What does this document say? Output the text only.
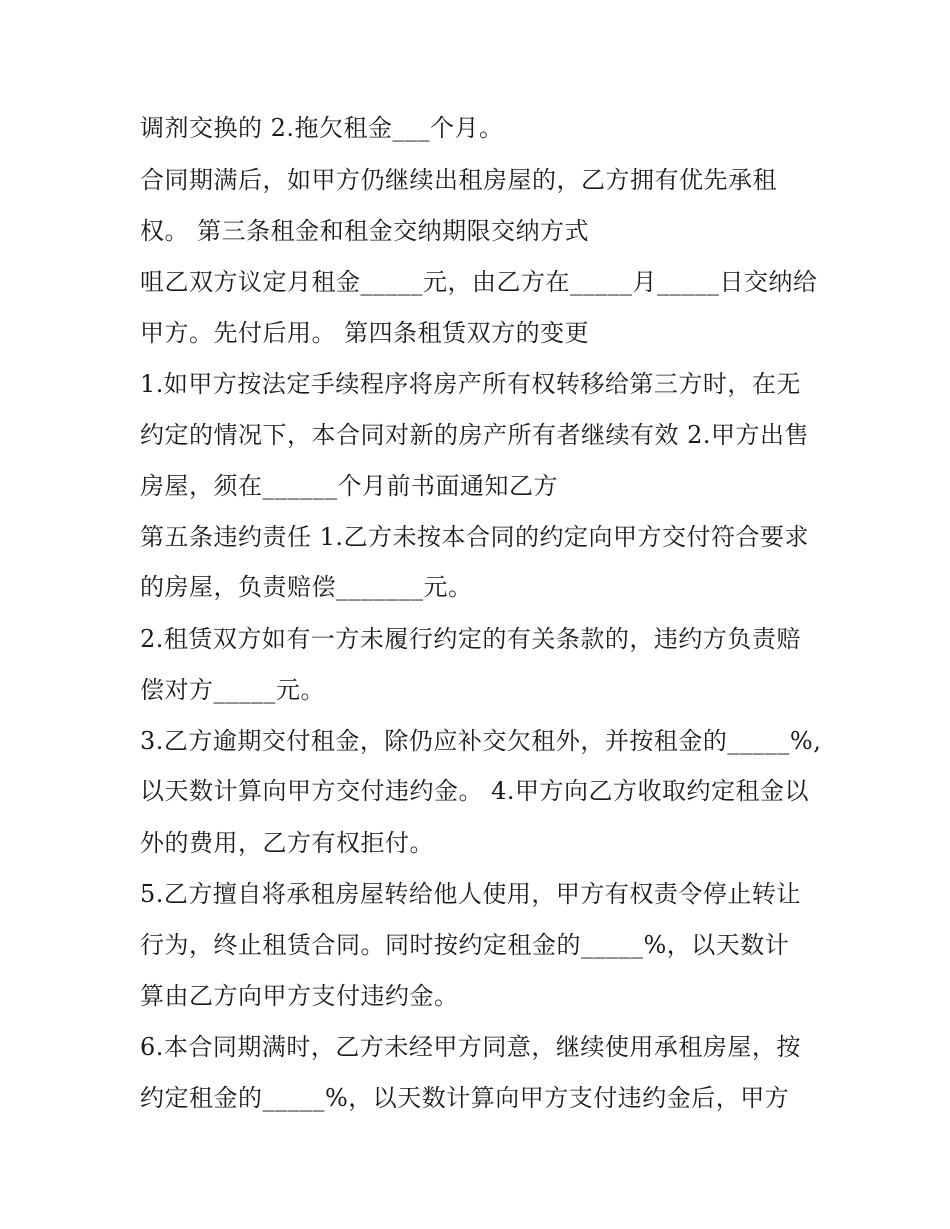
调剂交换的 2.拖欠租金___个月。
合同期满后，如甲方仍继续出租房屋的，乙方拥有优先承租
权。 第三条租金和租金交纳期限交纳方式
咀乙双方议定月租金_____元，由乙方在_____月_____日交纳给
甲方。先付后用。 第四条租赁双方的变更
1.如甲方按法定手续程序将房产所有权转移给第三方时，在无
约定的情况下，本合同对新的房产所有者继续有效 2.甲方出售
房屋，须在______个月前书面通知乙方
第五条违约责任 1.乙方未按本合同的约定向甲方交付符合要求
的房屋，负责赔偿_______元。
2.租赁双方如有一方未履行约定的有关条款的，违约方负责赔
偿对方_____元。
3.乙方逾期交付租金，除仍应补交欠租外，并按租金的_____%,
以天数计算向甲方交付违约金。 4.甲方向乙方收取约定租金以
外的费用，乙方有权拒付。
5.乙方擅自将承租房屋转给他人使用，甲方有权责令停止转让
行为，终止租赁合同。同时按约定租金的_____%，以天数计
算由乙方向甲方支付违约金。
6.本合同期满时，乙方未经甲方同意，继续使用承租房屋，按
约定租金的_____%，以天数计算向甲方支付违约金后，甲方
